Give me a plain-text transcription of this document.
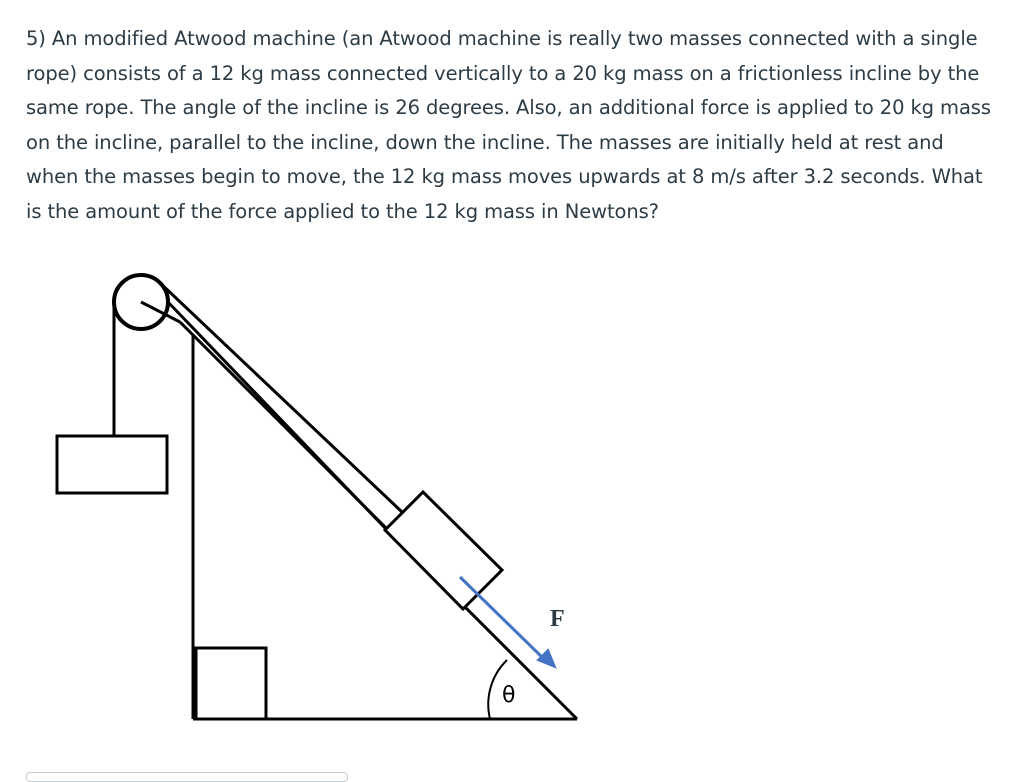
5) An modified Atwood machine (an Atwood machine is really two masses connected with a single rope) consists of a 12 kg mass connected vertically to a 20 kg mass on a frictionless incline by the same rope. The angle of the incline is 26 degrees. Also, an additional force is applied to 20 kg mass on the incline, parallel to the incline, down the incline. The masses are initially held at rest and when the masses begin to move, the 12 kg mass moves upwards at 8 m/s after 3.2 seconds. What is the amount of the force applied to the 12 kg mass in Newtons?

F
θ
